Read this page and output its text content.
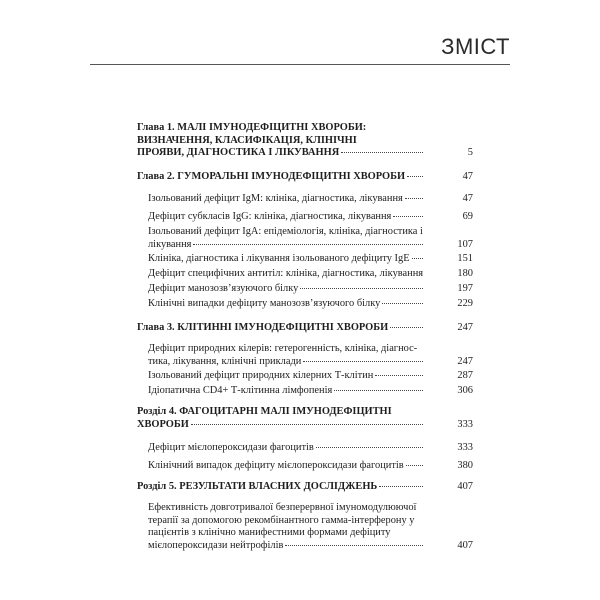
ЗМІСТ
Глава 1. МАЛІ ІМУНОДЕФІЦИТНІ ХВОРОБИ:
ВИЗНАЧЕННЯ, КЛАСИФІКАЦІЯ, КЛІНІЧНІ
ПРОЯВИ, ДІАГНОСТИКА І ЛІКУВАННЯ	5
Глава 2. ГУМОРАЛЬНІ ІМУНОДЕФІЦИТНІ ХВОРОБИ	47
Ізольований дефіцит IgM: клініка, діагностика, лікування	47
Дефіцит субкласів IgG: клініка, діагностика, лікування	69
Ізольований дефіцит IgA: епідеміологія, клініка, діагностика і
лікування	107
Клініка, діагностика і лікування ізольованого дефіциту IgE	151
Дефіцит специфічних антитіл: клініка, діагностика, лікування	180
Дефіцит манозозв’язуючого білку	197
Клінічні випадки дефіциту манозозв’язуючого білку	229
Глава 3. КЛІТИННІ ІМУНОДЕФІЦИТНІ ХВОРОБИ	247
Дефіцит природних кілерів: гетерогенність, клініка, діагнос-
тика, лікування, клінічні приклади	247
Ізольований дефіцит природних кілерних Т-клітин	287
Ідіопатична CD4+ Т-клітинна лімфопенія	306
Розділ 4. ФАГОЦИТАРНІ МАЛІ ІМУНОДЕФІЦИТНІ
ХВОРОБИ	333
Дефіцит мієлопероксидази фагоцитів	333
Клінічний випадок дефіциту мієлопероксидази фагоцитів	380
Розділ 5. РЕЗУЛЬТАТИ ВЛАСНИХ ДОСЛІДЖЕНЬ	407
Ефективність довготривалої безперервної імуномодулюючої
терапії за допомогою рекомбінантного гамма-інтерферону у
пацієнтів з клінічно манифестними формами дефіциту
мієлопероксидази нейтрофілів	407
